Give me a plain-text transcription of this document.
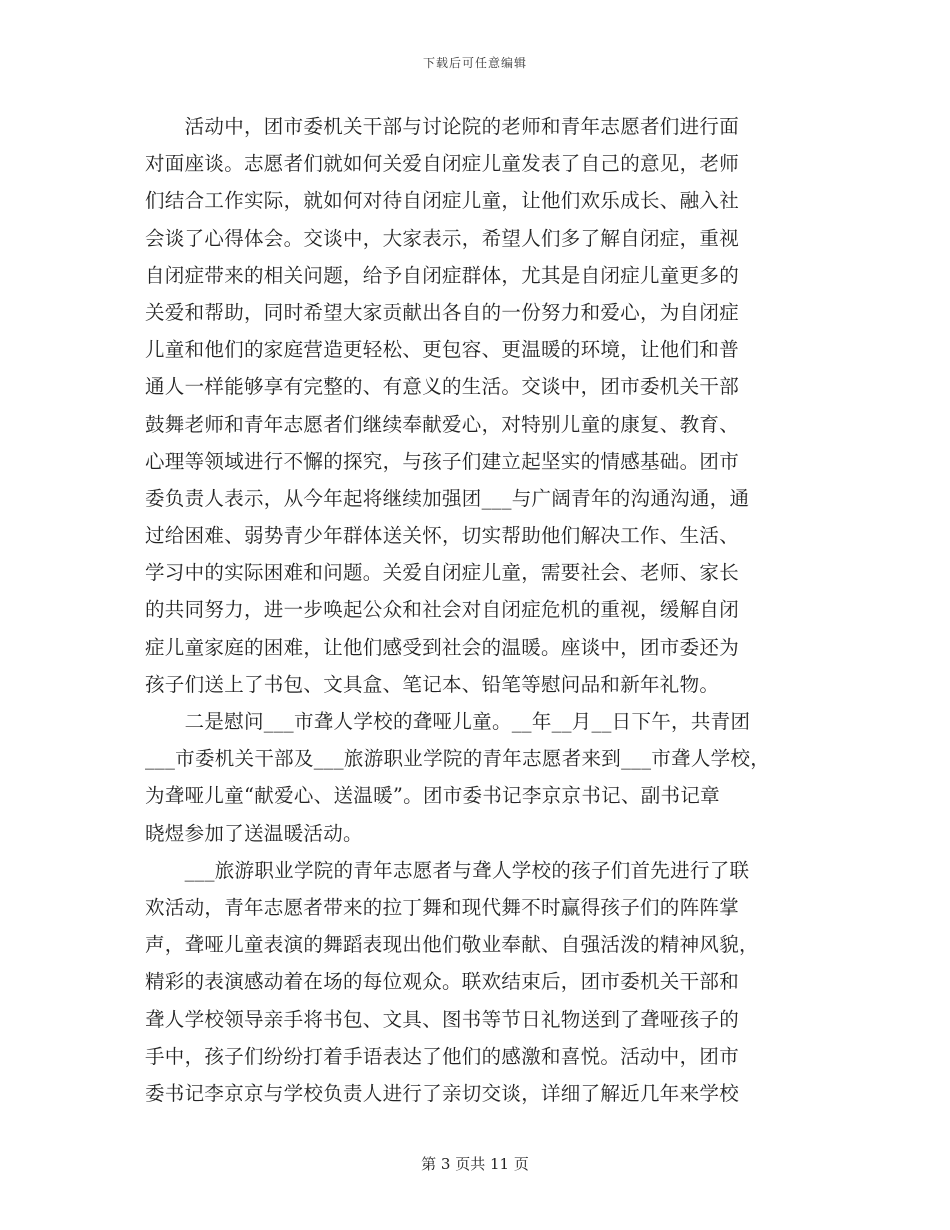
下载后可任意编辑

　　活动中，团市委机关干部与讨论院的老师和青年志愿者们进行面
对面座谈。志愿者们就如何关爱自闭症儿童发表了自己的意见，老师
们结合工作实际，就如何对待自闭症儿童，让他们欢乐成长、融入社
会谈了心得体会。交谈中，大家表示，希望人们多了解自闭症，重视
自闭症带来的相关问题，给予自闭症群体，尤其是自闭症儿童更多的
关爱和帮助，同时希望大家贡献出各自的一份努力和爱心，为自闭症
儿童和他们的家庭营造更轻松、更包容、更温暖的环境，让他们和普
通人一样能够享有完整的、有意义的生活。交谈中，团市委机关干部
鼓舞老师和青年志愿者们继续奉献爱心，对特别儿童的康复、教育、
心理等领域进行不懈的探究，与孩子们建立起坚实的情感基础。团市
委负责人表示，从今年起将继续加强团___与广阔青年的沟通沟通，通
过给困难、弱势青少年群体送关怀，切实帮助他们解决工作、生活、
学习中的实际困难和问题。关爱自闭症儿童，需要社会、老师、家长
的共同努力，进一步唤起公众和社会对自闭症危机的重视，缓解自闭
症儿童家庭的困难，让他们感受到社会的温暖。座谈中，团市委还为
孩子们送上了书包、文具盒、笔记本、铅笔等慰问品和新年礼物。

　　二是慰问___市聋人学校的聋哑儿童。__年__月__日下午，共青团
___市委机关干部及___旅游职业学院的青年志愿者来到___市聋人学校，
为聋哑儿童“献爱心、送温暖”。团市委书记李京京书记、副书记章
晓煜参加了送温暖活动。

　　___旅游职业学院的青年志愿者与聋人学校的孩子们首先进行了联
欢活动，青年志愿者带来的拉丁舞和现代舞不时赢得孩子们的阵阵掌
声，聋哑儿童表演的舞蹈表现出他们敬业奉献、自强活泼的精神风貌，
精彩的表演感动着在场的每位观众。联欢结束后，团市委机关干部和
聋人学校领导亲手将书包、文具、图书等节日礼物送到了聋哑孩子的
手中，孩子们纷纷打着手语表达了他们的感激和喜悦。活动中，团市
委书记李京京与学校负责人进行了亲切交谈，详细了解近几年来学校

第 3 页共 11 页
